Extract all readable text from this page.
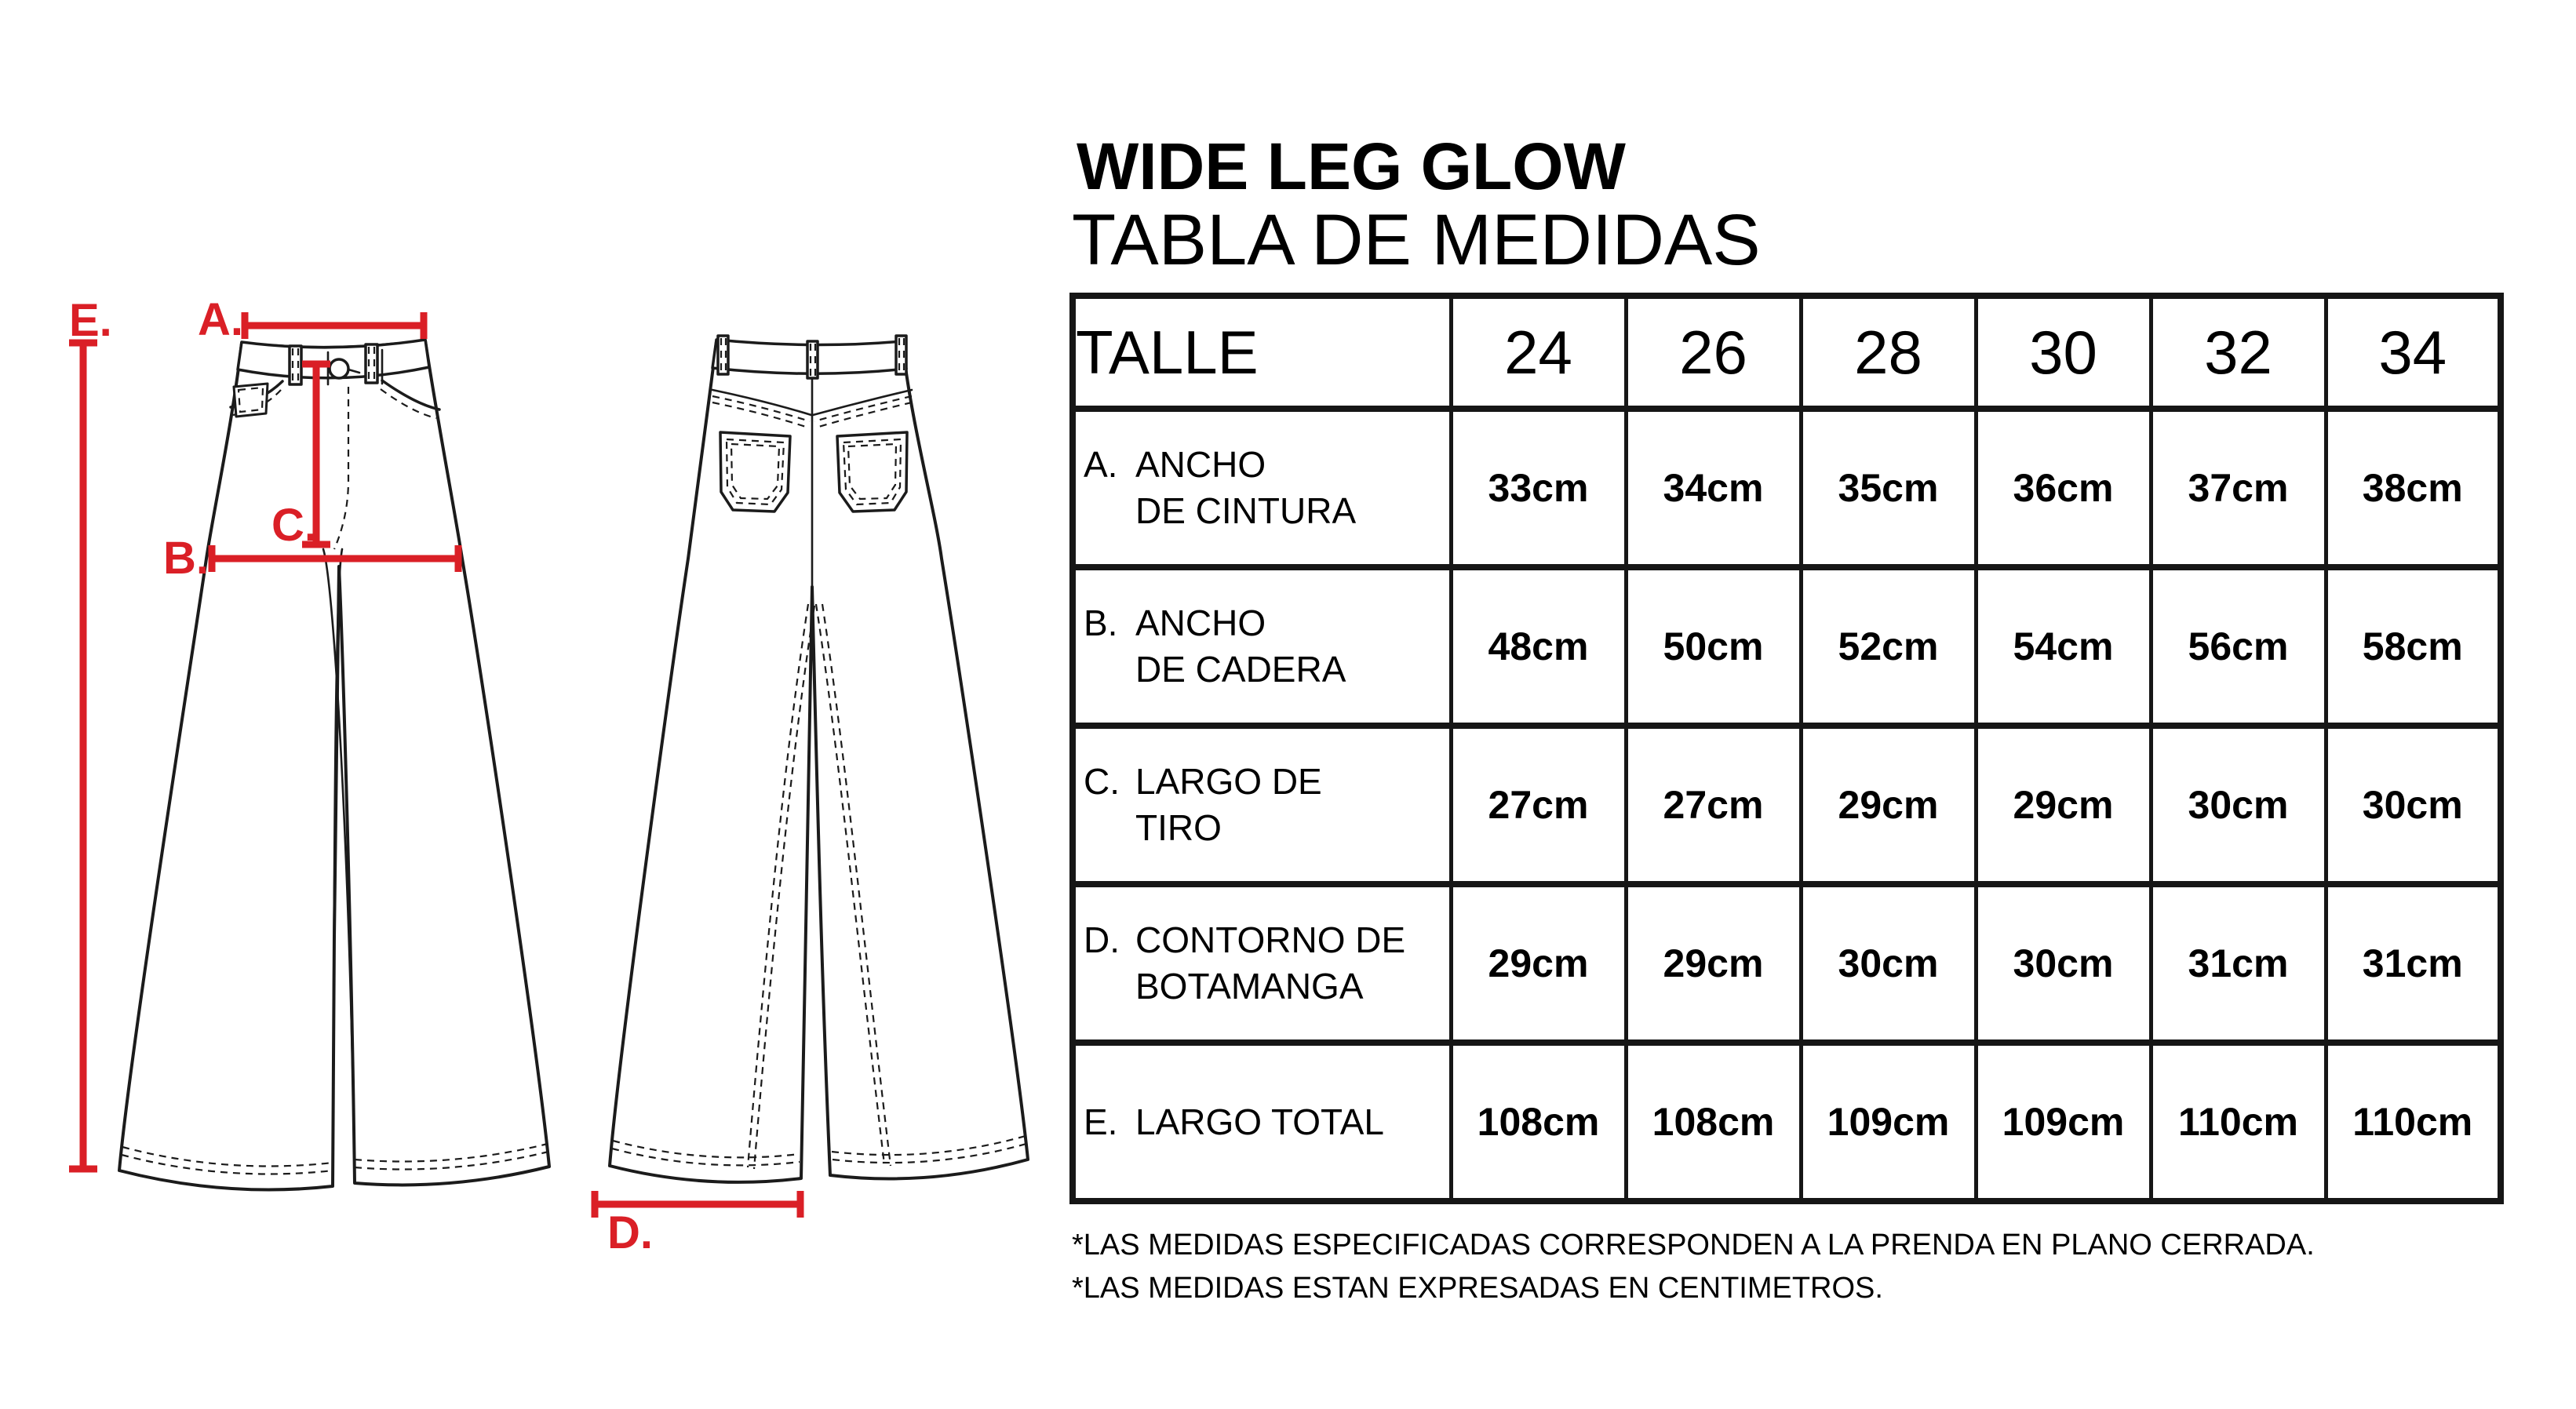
E. A.
C.
B.
D.
WIDE LEG GLOW
TABLA DE MEDIDAS
TALLE	24	26	28	30	32	34

A. ANCHO
DE CINTURA	33cm	34cm	35cm	36cm	37cm	38cm

B. ANCHO
DE CADERA	48cm	50cm	52cm	54cm	56cm	58cm

C. LARGO DE
TIRO	27cm	27cm	29cm	29cm	30cm	30cm

D. CONTORNO DE
BOTAMANGA	29cm	29cm	30cm	30cm	31cm	31cm

E. LARGO TOTAL	108cm	108cm	109cm	109cm	110cm	110cm
*LAS MEDIDAS ESPECIFICADAS CORRESPONDEN A LA PRENDA EN PLANO CERRADA.
*LAS MEDIDAS ESTAN EXPRESADAS EN CENTIMETROS.
